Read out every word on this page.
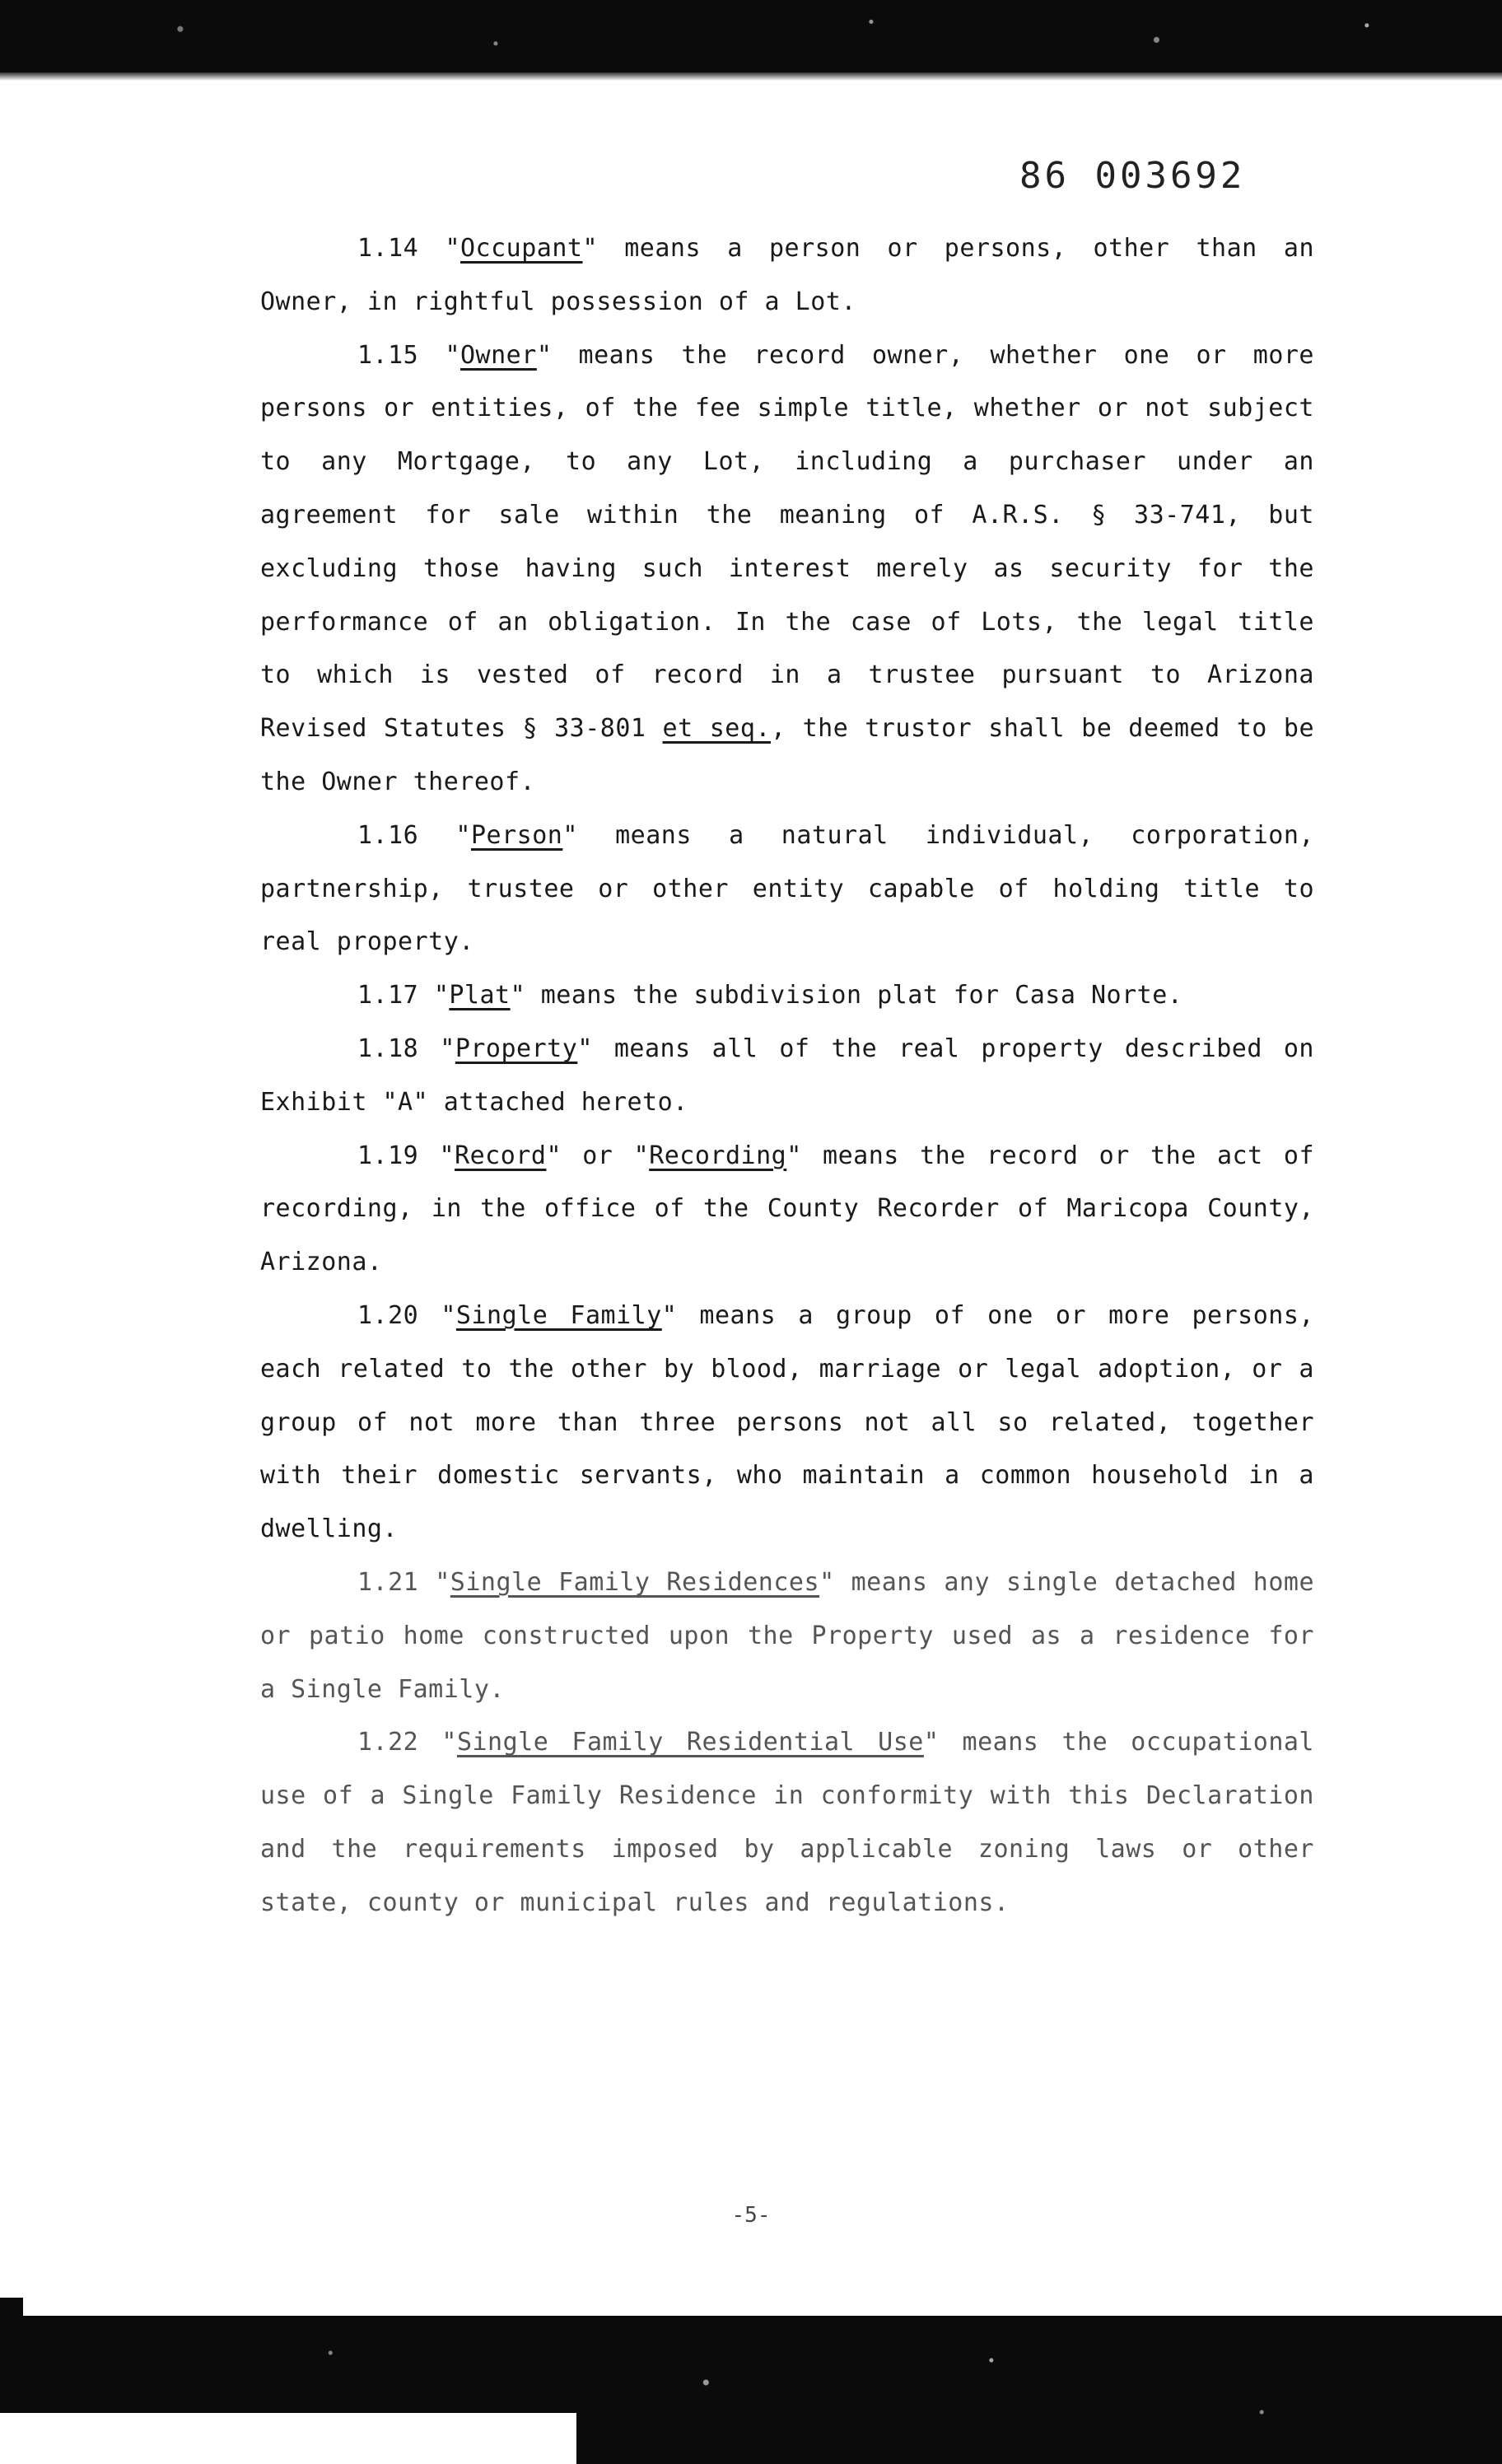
86 003692

1.14 "Occupant" means a person or persons, other than an Owner, in rightful possession of a Lot.

1.15 "Owner" means the record owner, whether one or more persons or entities, of the fee simple title, whether or not subject to any Mortgage, to any Lot, including a purchaser under an agreement for sale within the meaning of A.R.S. § 33-741, but excluding those having such interest merely as security for the performance of an obligation. In the case of Lots, the legal title to which is vested of record in a trustee pursuant to Arizona Revised Statutes § 33-801 et seq., the trustor shall be deemed to be the Owner thereof.

1.16 "Person" means a natural individual, corporation, partnership, trustee or other entity capable of holding title to real property.

1.17 "Plat" means the subdivision plat for Casa Norte.

1.18 "Property" means all of the real property described on Exhibit "A" attached hereto.

1.19 "Record" or "Recording" means the record or the act of recording, in the office of the County Recorder of Maricopa County, Arizona.

1.20 "Single Family" means a group of one or more persons, each related to the other by blood, marriage or legal adoption, or a group of not more than three persons not all so related, together with their domestic servants, who maintain a common household in a dwelling.

1.21 "Single Family Residences" means any single detached home or patio home constructed upon the Property used as a residence for a Single Family.

1.22 "Single Family Residential Use" means the occupational use of a Single Family Residence in conformity with this Declaration and the requirements imposed by applicable zoning laws or other state, county or municipal rules and regulations.

-5-
